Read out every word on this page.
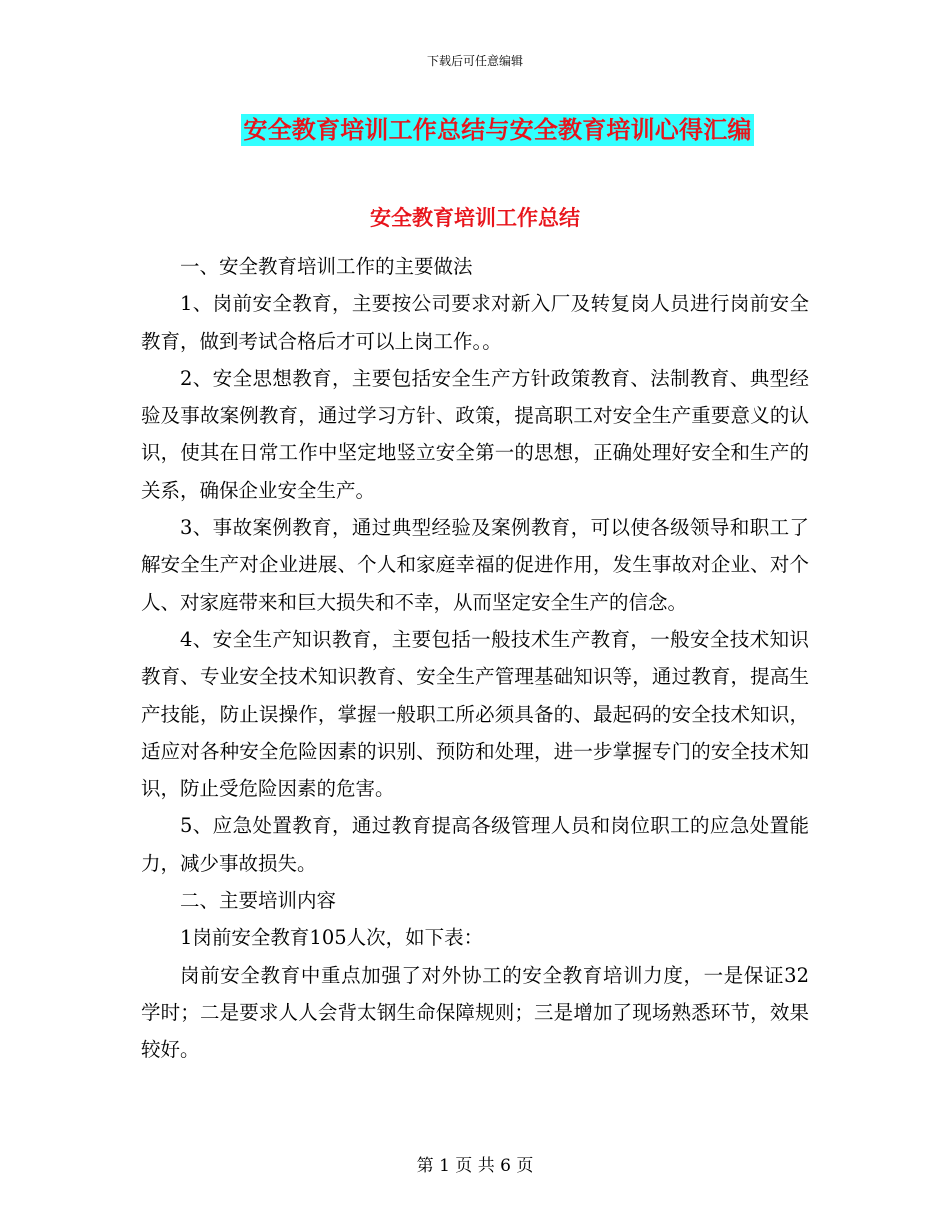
下载后可任意编辑
安全教育培训工作总结与安全教育培训心得汇编
安全教育培训工作总结

一、安全教育培训工作的主要做法

1、岗前安全教育，主要按公司要求对新入厂及转复岗人员进行岗前安全教育，做到考试合格后才可以上岗工作。。

2、安全思想教育，主要包括安全生产方针政策教育、法制教育、典型经验及事故案例教育，通过学习方针、政策，提高职工对安全生产重要意义的认识，使其在日常工作中坚定地竖立安全第一的思想，正确处理好安全和生产的关系，确保企业安全生产。

3、事故案例教育，通过典型经验及案例教育，可以使各级领导和职工了解安全生产对企业进展、个人和家庭幸福的促进作用，发生事故对企业、对个人、对家庭带来和巨大损失和不幸，从而坚定安全生产的信念。

4、安全生产知识教育，主要包括一般技术生产教育，一般安全技术知识教育、专业安全技术知识教育、安全生产管理基础知识等，通过教育，提高生产技能，防止误操作，掌握一般职工所必须具备的、最起码的安全技术知识，适应对各种安全危险因素的识别、预防和处理，进一步掌握专门的安全技术知识，防止受危险因素的危害。

5、应急处置教育，通过教育提高各级管理人员和岗位职工的应急处置能力，减少事故损失。

二、主要培训内容

1岗前安全教育105人次，如下表：

岗前安全教育中重点加强了对外协工的安全教育培训力度，一是保证32学时；二是要求人人会背太钢生命保障规则；三是增加了现场熟悉环节，效果较好。

第 1 页 共 6 页
